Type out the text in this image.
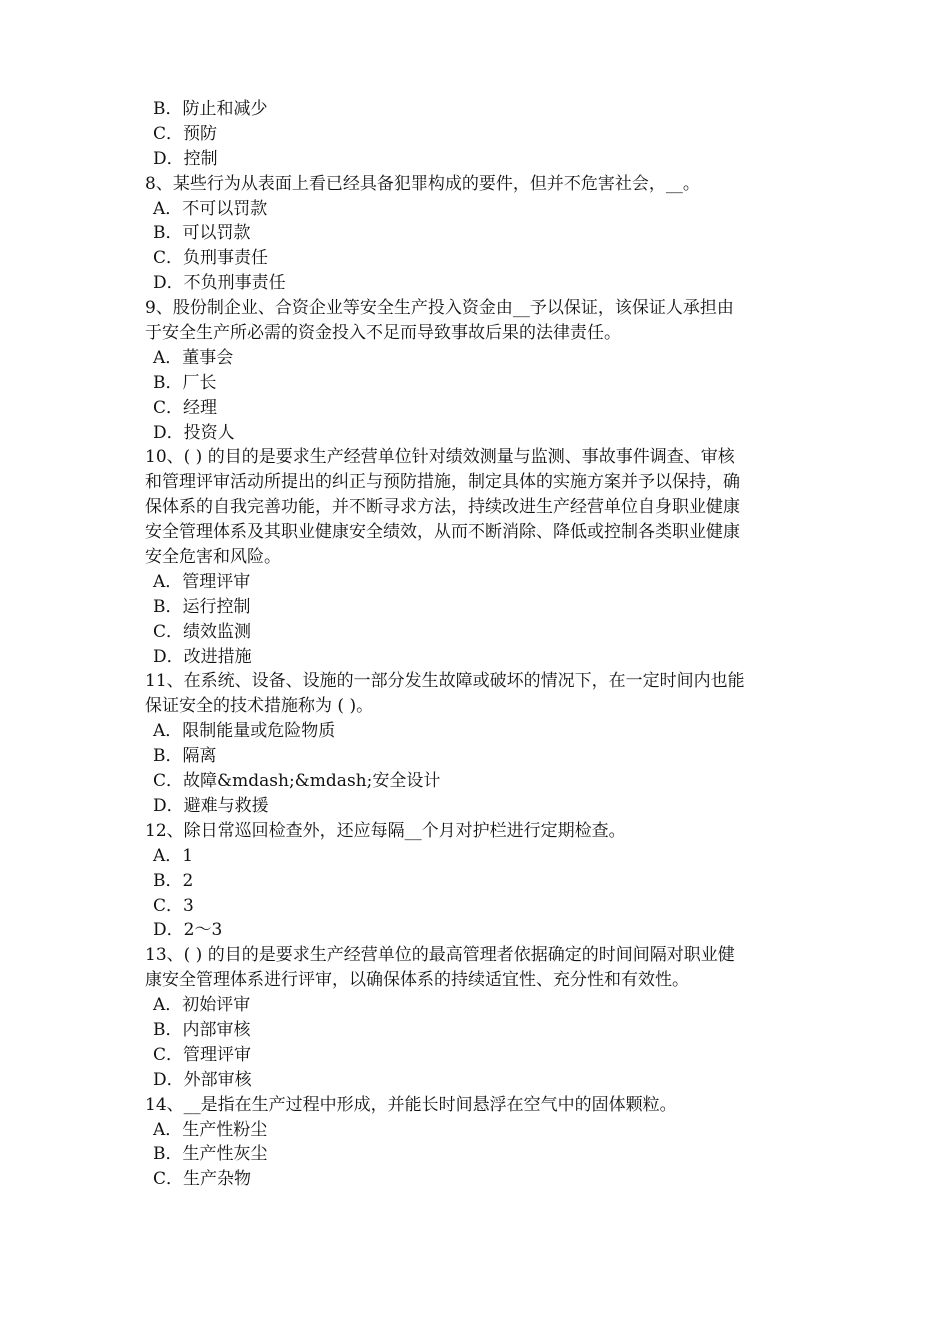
B．防止和减少
C．预防
D．控制
8、某些行为从表面上看已经具备犯罪构成的要件，但并不危害社会，__。
A．不可以罚款
B．可以罚款
C．负刑事责任
D．不负刑事责任
9、股份制企业、合资企业等安全生产投入资金由__予以保证，该保证人承担由
于安全生产所必需的资金投入不足而导致事故后果的法律责任。
A．董事会
B．厂长
C．经理
D．投资人
10、( ) 的目的是要求生产经营单位针对绩效测量与监测、事故事件调查、审核
和管理评审活动所提出的纠正与预防措施，制定具体的实施方案并予以保持，确
保体系的自我完善功能，并不断寻求方法，持续改进生产经营单位自身职业健康
安全管理体系及其职业健康安全绩效，从而不断消除、降低或控制各类职业健康
安全危害和风险。
A．管理评审
B．运行控制
C．绩效监测
D．改进措施
11、在系统、设备、设施的一部分发生故障或破坏的情况下，在一定时间内也能
保证安全的技术措施称为 ( )。
A．限制能量或危险物质
B．隔离
C．故障&mdash;&mdash;安全设计
D．避难与救援
12、除日常巡回检查外，还应每隔__个月对护栏进行定期检查。
A．1
B．2
C．3
D．2～3
13、( ) 的目的是要求生产经营单位的最高管理者依据确定的时间间隔对职业健
康安全管理体系进行评审，以确保体系的持续适宜性、充分性和有效性。
A．初始评审
B．内部审核
C．管理评审
D．外部审核
14、__是指在生产过程中形成，并能长时间悬浮在空气中的固体颗粒。
A．生产性粉尘
B．生产性灰尘
C．生产杂物
